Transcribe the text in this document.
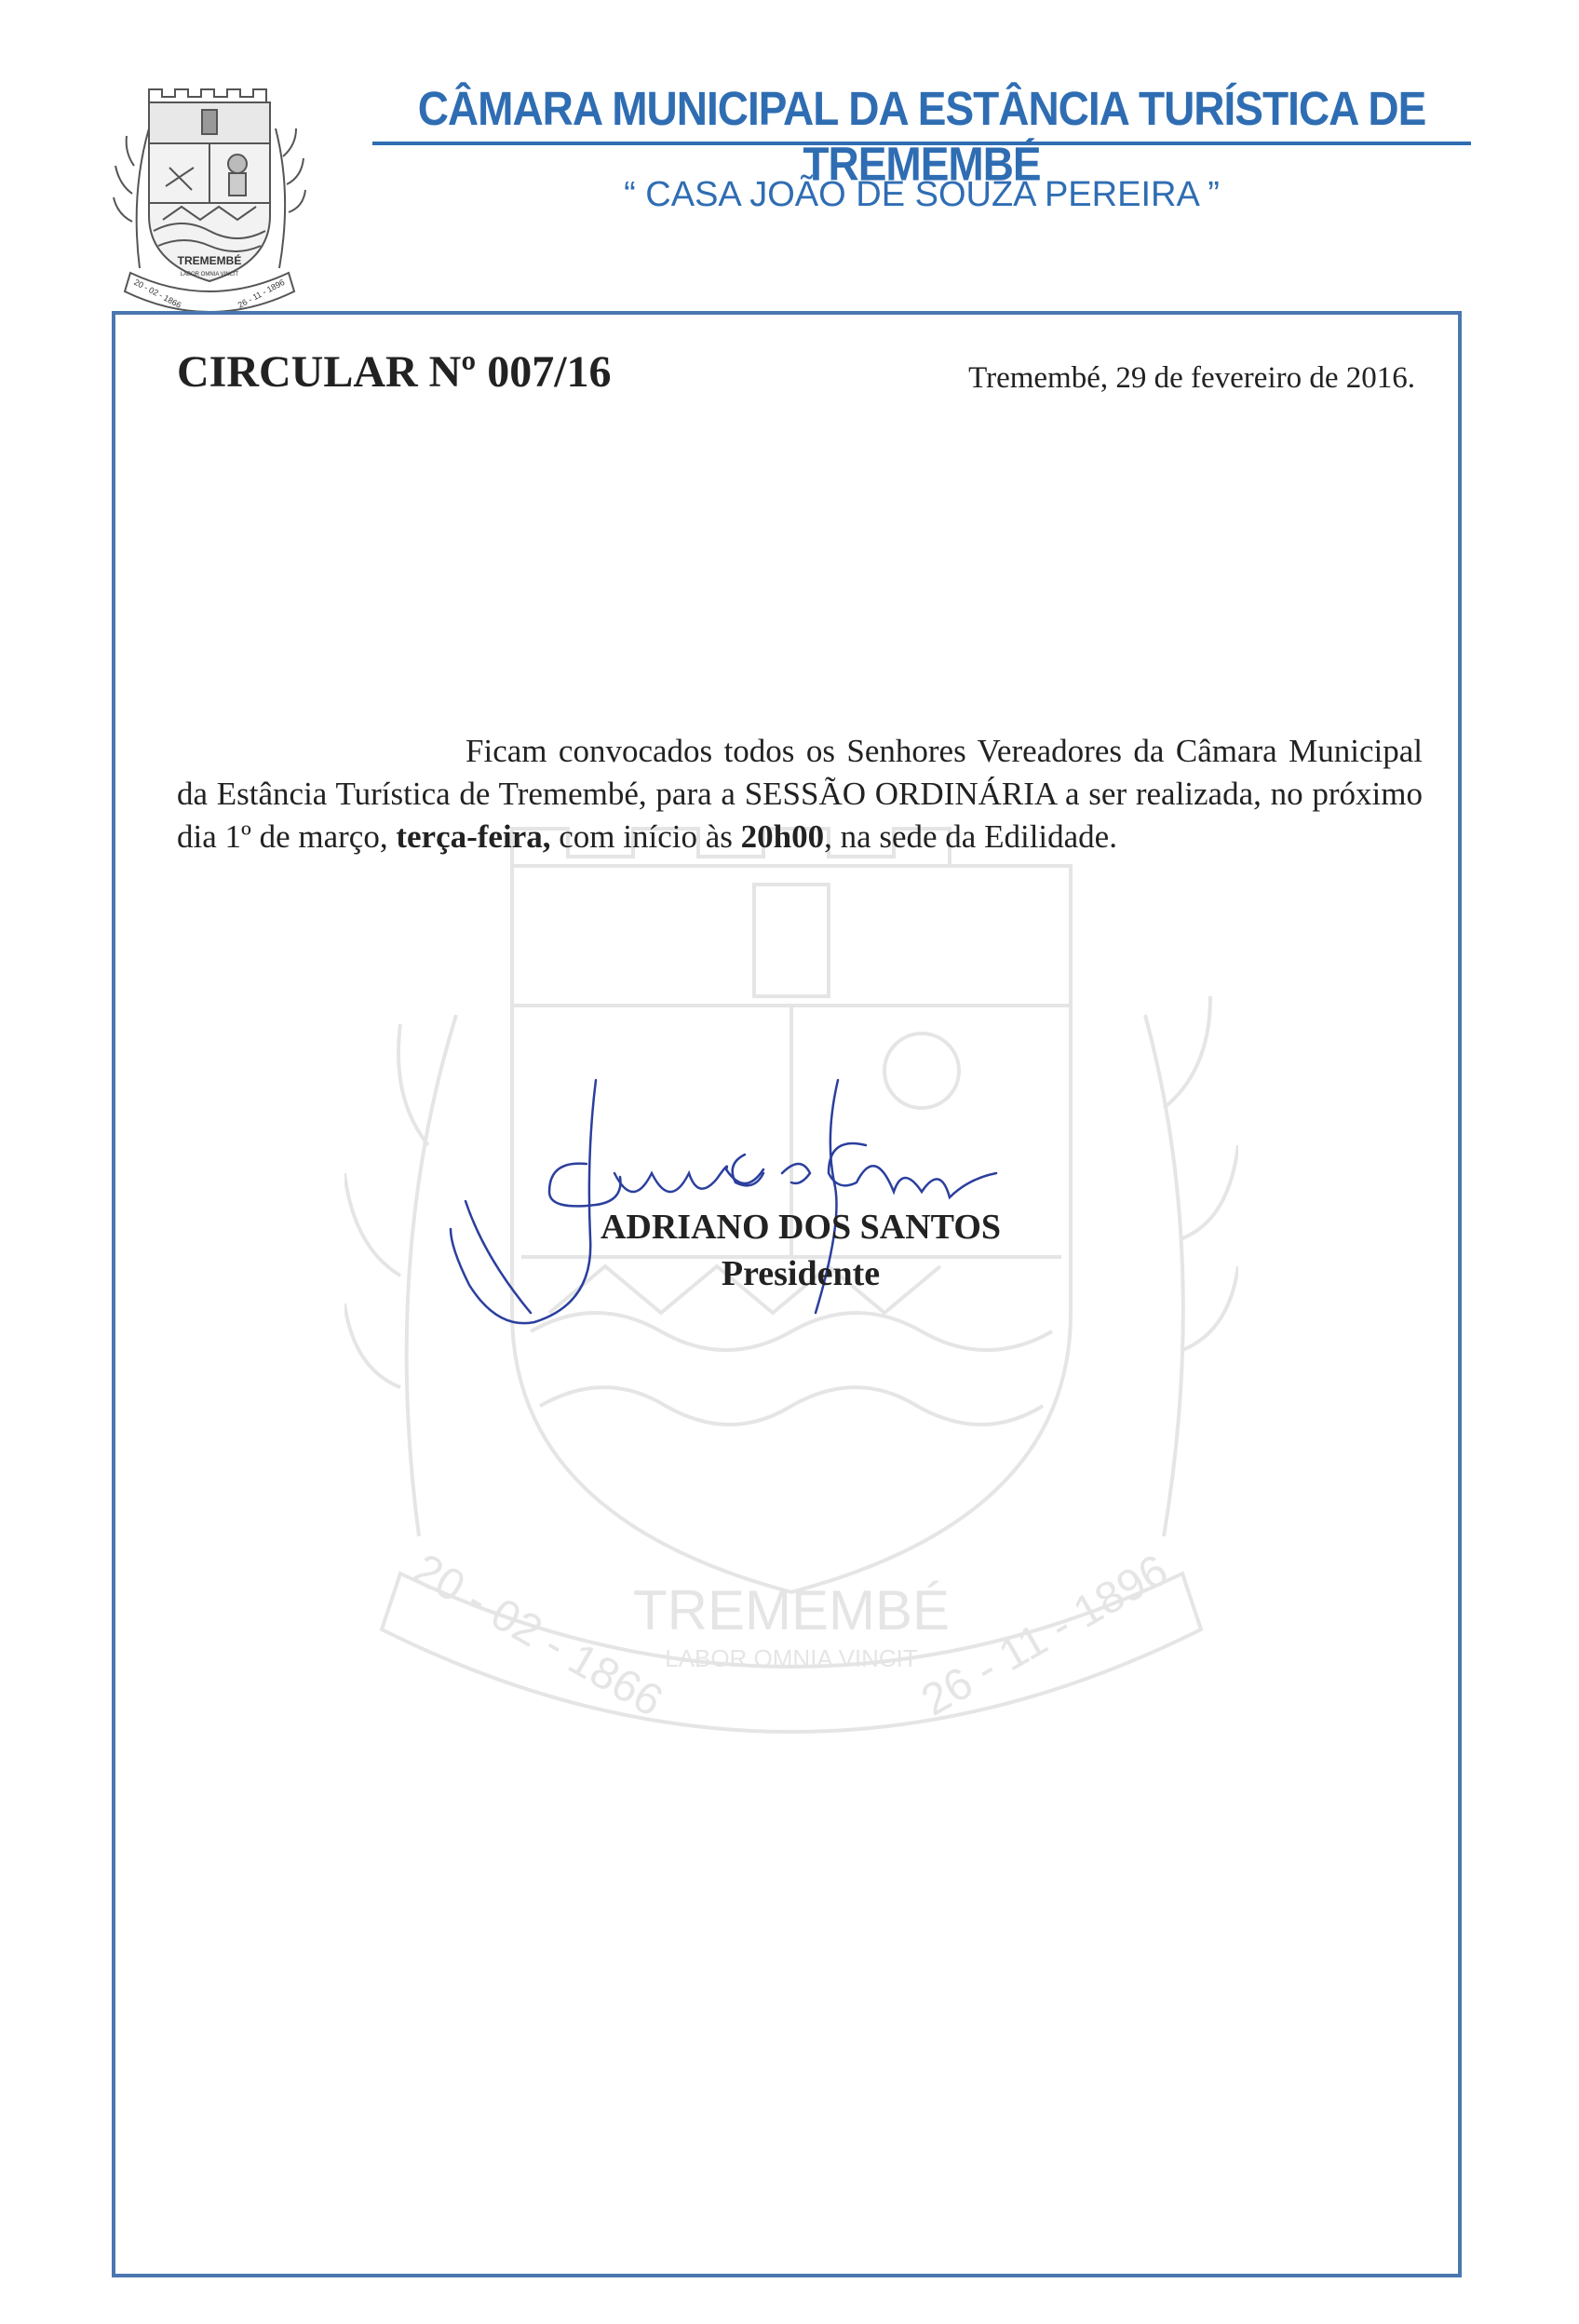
TREMEMBÉ
LABOR OMNIA VINCIT
20 - 02 - 1866	26 - 11 - 1896
CÂMARA MUNICIPAL DA ESTÂNCIA TURÍSTICA DE TREMEMBÉ
“ CASA JOÃO DE SOUZA PEREIRA ”
TREMEMBÉ
LABOR OMNIA VINCIT
20 - 02 - 1866	26 - 11 - 1896
CIRCULAR Nº 007/16	Tremembé, 29 de fevereiro de 2016.
Ficam convocados todos os Senhores Vereadores da Câmara Municipal da Estância Turística de Tremembé, para a SESSÃO ORDINÁRIA a ser realizada, no próximo dia 1º de março, terça-feira, com início às 20h00, na sede da Edilidade.
ADRIANO DOS SANTOS
Presidente
